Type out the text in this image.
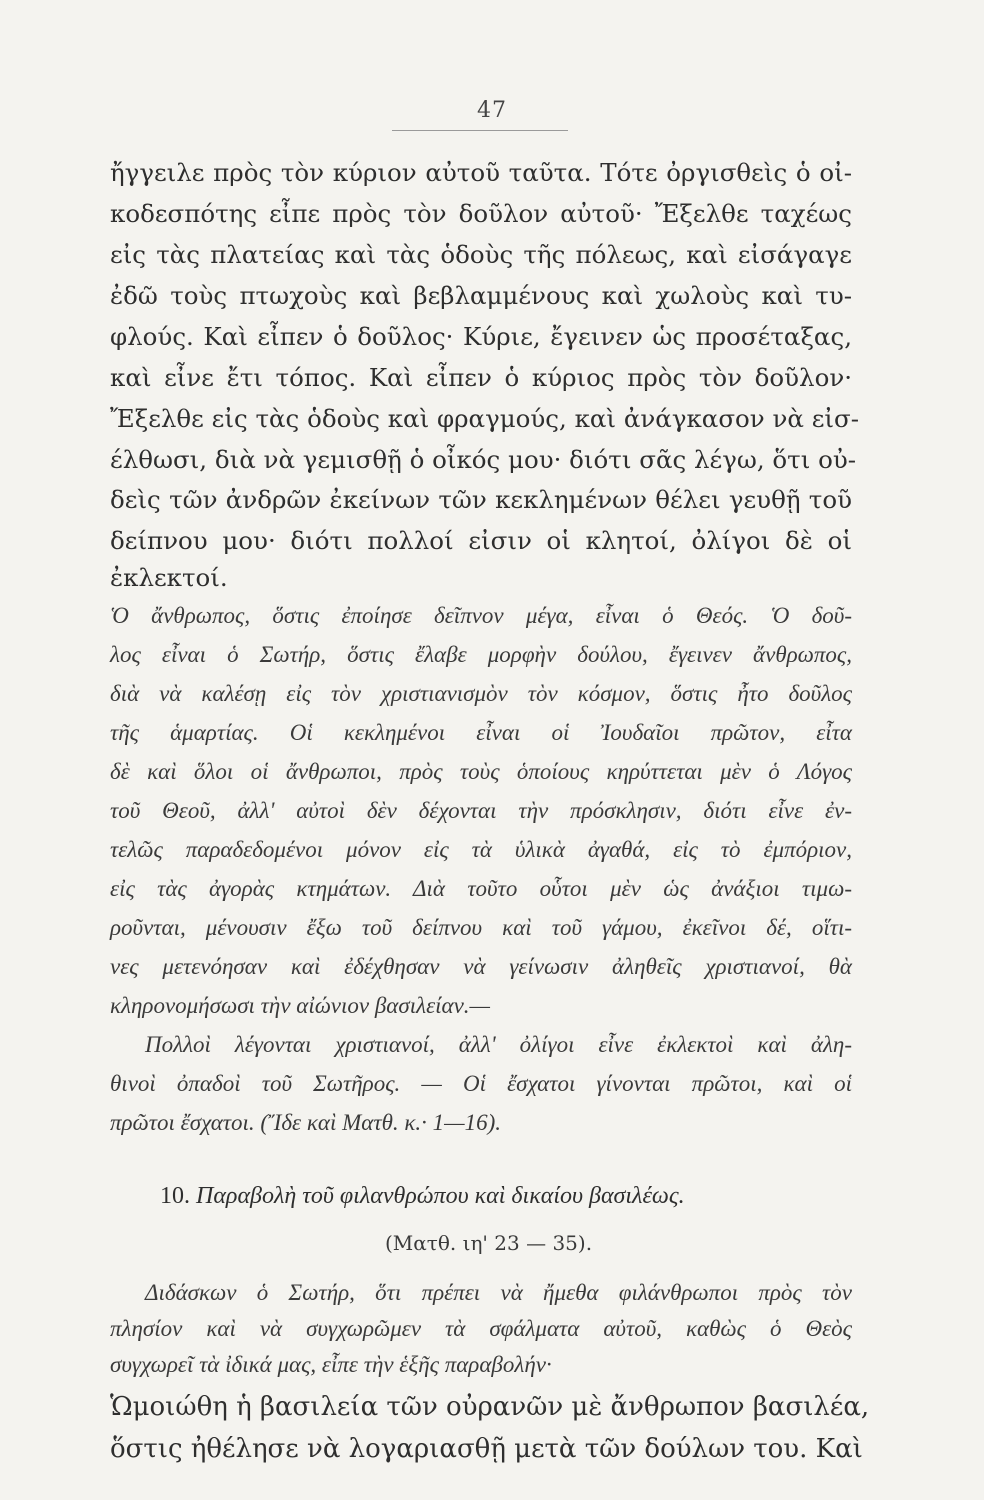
47
ἤγγειλε πρὸς τὸν κύριον αὐτοῦ ταῦτα. Τότε ὀργισθεὶς ὁ οἰ-
κοδεσπότης εἶπε πρὸς τὸν δοῦλον αὐτοῦ· Ἔξελθε ταχέως
εἰς τὰς πλατείας καὶ τὰς ὁδοὺς τῆς πόλεως, καὶ εἰσάγαγε
ἐδῶ τοὺς πτωχοὺς καὶ βεβλαμμένους καὶ χωλοὺς καὶ τυ-
φλούς. Καὶ εἶπεν ὁ δοῦλος· Κύριε, ἔγεινεν ὡς προσέταξας,
καὶ εἶνε ἔτι τόπος. Καὶ εἶπεν ὁ κύριος πρὸς τὸν δοῦλον·
Ἔξελθε εἰς τὰς ὁδοὺς καὶ φραγμούς, καὶ ἀνάγκασον νὰ εἰσ-
έλθωσι, διὰ νὰ γεμισθῇ ὁ οἶκός μου· διότι σᾶς λέγω, ὅτι οὐ-
δεὶς τῶν ἀνδρῶν ἐκείνων τῶν κεκλημένων θέλει γευθῇ τοῦ
δείπνου μου· διότι πολλοί εἰσιν οἱ κλητοί, ὀλίγοι δὲ οἱ
ἐκλεκτοί.
Ὁ ἄνθρωπος, ὅστις ἐποίησε δεῖπνον μέγα, εἶναι ὁ Θεός. Ὁ δοῦ-
λος εἶναι ὁ Σωτήρ, ὅστις ἔλαβε μορφὴν δούλου, ἔγεινεν ἄνθρωπος,
διὰ νὰ καλέσῃ εἰς τὸν χριστιανισμὸν τὸν κόσμον, ὅστις ἦτο δοῦλος
τῆς ἁμαρτίας. Οἱ κεκλημένοι εἶναι οἱ Ἰουδαῖοι πρῶτον, εἶτα
δὲ καὶ ὅλοι οἱ ἄνθρωποι, πρὸς τοὺς ὁποίους κηρύττεται μὲν ὁ Λόγος
τοῦ Θεοῦ, ἀλλ' αὐτοὶ δὲν δέχονται τὴν πρόσκλησιν, διότι εἶνε ἐν-
τελῶς παραδεδομένοι μόνον εἰς τὰ ὑλικὰ ἀγαθά, εἰς τὸ ἐμπόριον,
εἰς τὰς ἀγορὰς κτημάτων. Διὰ τοῦτο οὗτοι μὲν ὡς ἀνάξιοι τιμω-
ροῦνται, μένουσιν ἔξω τοῦ δείπνου καὶ τοῦ γάμου, ἐκεῖνοι δέ, οἵτι-
νες μετενόησαν καὶ ἐδέχθησαν νὰ γείνωσιν ἀληθεῖς χριστιανοί, θὰ
κληρονομήσωσι τὴν αἰώνιον βασιλείαν.—
Πολλοὶ λέγονται χριστιανοί, ἀλλ' ὀλίγοι εἶνε ἐκλεκτοὶ καὶ ἀλη-
θινοὶ ὀπαδοὶ τοῦ Σωτῆρος. — Οἱ ἔσχατοι γίνονται πρῶτοι, καὶ οἱ
πρῶτοι ἔσχατοι. (Ἴδε καὶ Ματθ. κ.· 1—16).
10. Παραβολὴ τοῦ φιλανθρώπου καὶ δικαίου βασιλέως.
(Ματθ. ιη' 23 — 35).
Διδάσκων ὁ Σωτήρ, ὅτι πρέπει νὰ ἤμεθα φιλάνθρωποι πρὸς τὸν
πλησίον καὶ νὰ συγχωρῶμεν τὰ σφάλματα αὐτοῦ, καθὼς ὁ Θεὸς
συγχωρεῖ τὰ ἰδικά μας, εἶπε τὴν ἑξῆς παραβολήν·
Ὡμοιώθη ἡ βασιλεία τῶν οὐρανῶν μὲ ἄνθρωπον βασιλέα,
ὅστις ἠθέλησε νὰ λογαριασθῇ μετὰ τῶν δούλων του. Καὶ
